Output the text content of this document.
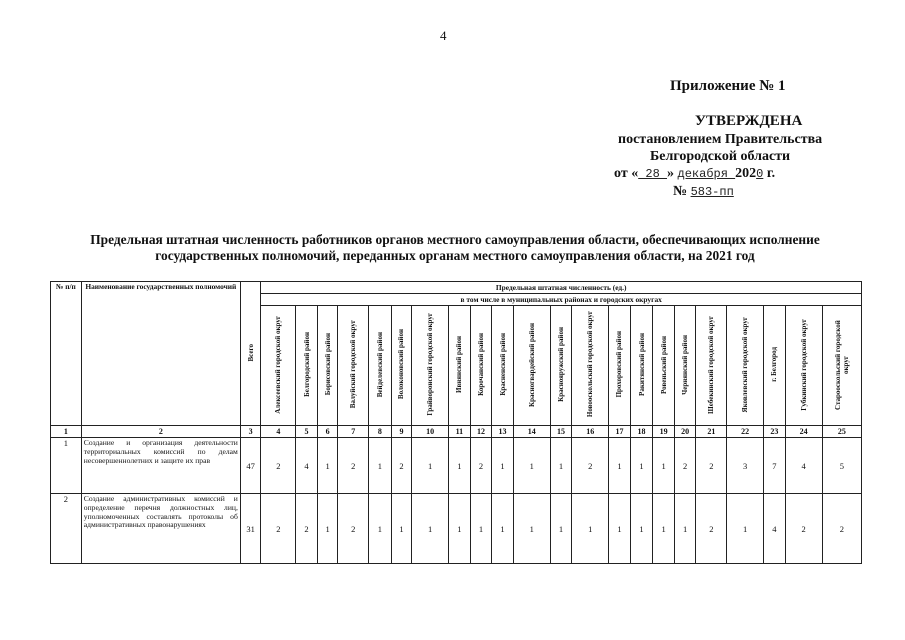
4
Приложение № 1
УТВЕРЖДЕНА
постановлением Правительства
Белгородской области
от « 28 » декабря 2020 г.
№ 583-пп
Предельная штатная численность работников органов местного самоуправления области, обеспечивающих исполнение государственных полномочий, переданных органам местного самоуправления области, на 2021 год
№ п/п	Наименование государственных полномочий	Всего	Предельная штатная численность (ед.)																					
			в том числе в муниципальных районах и городских округах																					
			Алексеевский городской округ	Белгородский район	Борисовский район	Валуйский городской округ	Вейделевский район	Волоконовский район	Грайворонский городской округ	Ивнянский район	Корочанский район	Красненский район	Красногвардейский район	Краснояружский район	Новооскольский городской округ	Прохоровский район	Ракитянский район	Ровеньский район	Чернянский район	Шебекинский городской округ	Яковлевский городской округ	г. Белгород	Губкинский городской округ	Старооскольский городской округ
1	2	3	4	5	6	7	8	9	10	11	12	13	14	15	16	17	18	19	20	21	22	23	24	25
1	Создание и организация деятельности территориальных комиссий по делам несовершеннолетних и защите их прав	47	2	4	1	2	1	2	1	1	2	1	1	1	2	1	1	1	2	2	3	7	4	5
2	Создание административных комиссий и определение перечня должностных лиц, уполномоченных составлять протоколы об административных правонарушениях	31	2	2	1	2	1	1	1	1	1	1	1	1	1	1	1	1	1	2	1	4	2	2
